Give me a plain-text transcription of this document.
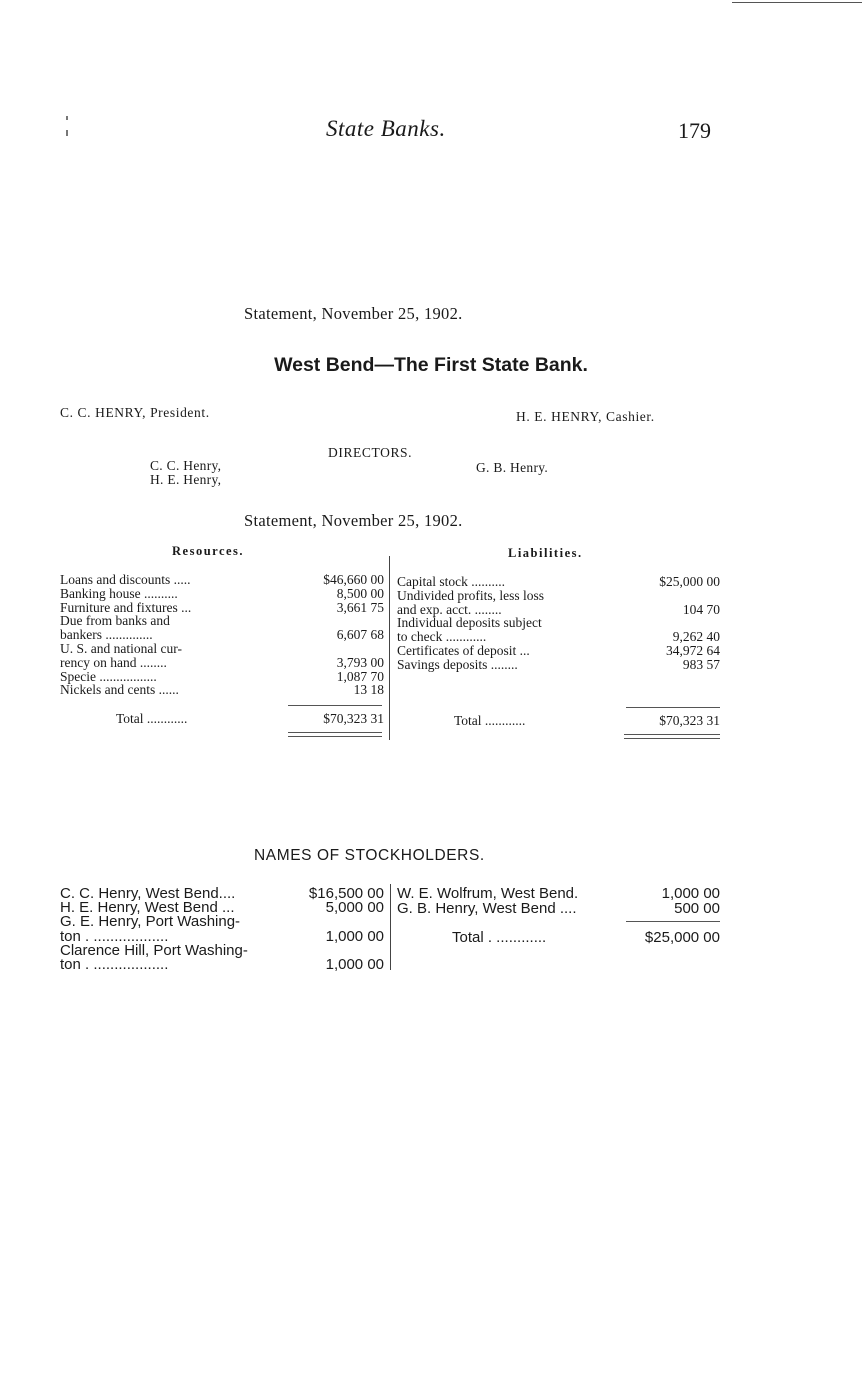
State Banks.	179
Statement, November 25, 1902.
West Bend—The First State Bank.
C. C. HENRY, President.	H. E. HENRY, Cashier.
DIRECTORS.
C. C. Henry,
H. E. Henry,
G. B. Henry.
Statement, November 25, 1902.
Resources.	Liabilities.
Loans and discounts .....	$46,660 00
Banking house ..........	8,500 00
Furniture and fixtures ...	3,661 75
Due from banks and
bankers ..............	6,607 68
U. S. and national cur-
rency on hand ........	3,793 00
Specie .................	1,087 70
Nickels and cents ......	13 18
Capital stock ..........	$25,000 00
Undivided profits, less loss
and exp. acct. ........	104 70
Individual deposits subject
to check ............	9,262 40
Certificates of deposit ...	34,972 64
Savings deposits ........	983 57
Total ............	$70,323 31	Total ............	$70,323 31
NAMES OF STOCKHOLDERS.
C. C. Henry, West Bend....	$16,500 00
H. E. Henry, West Bend ...	5,000 00
G. E. Henry, Port Washing-
ton . ..................	1,000 00
Clarence Hill, Port Washing-
ton . ..................	1,000 00
W. E. Wolfrum, West Bend.	1,000 00
G. B. Henry, West Bend ....	500 00
Total . ............	$25,000 00
